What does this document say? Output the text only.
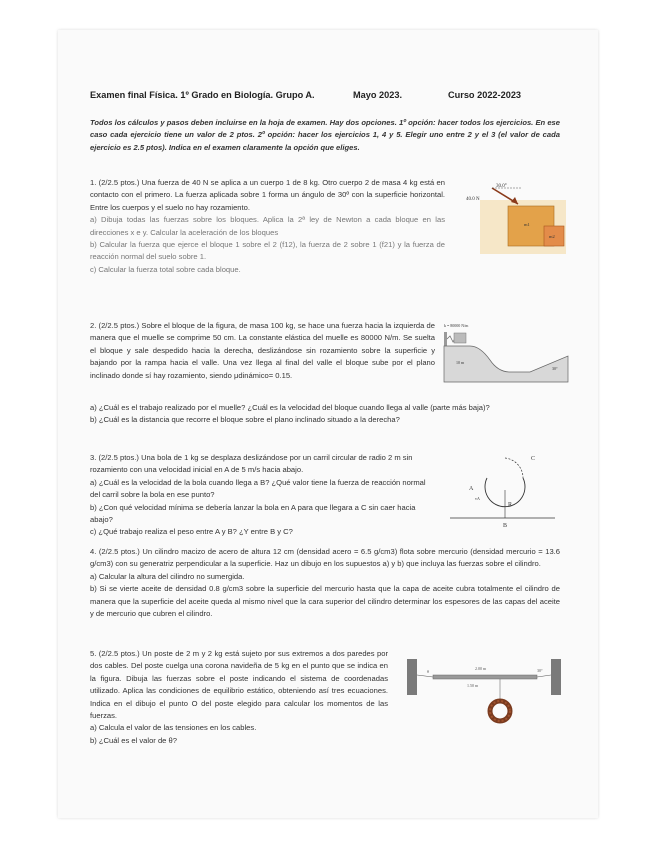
Examen final Física. 1º Grado en Biología. Grupo A.	Mayo 2023.	Curso 2022-2023
Todos los cálculos y pasos deben incluirse en la hoja de examen. Hay dos opciones. 1º opción: hacer todos los ejercicios. En ese caso cada ejercicio tiene un valor de 2 ptos. 2º opción: hacer los ejercicios 1, 4 y 5. Elegir uno entre 2 y el 3 (el valor de cada ejercicio es 2.5 ptos). Indica en el examen claramente la opción que eliges.

1. (2/2.5 ptos.) Una fuerza de 40 N se aplica a un cuerpo 1 de 8 kg. Otro cuerpo 2 de masa 4 kg está en contacto con el primero. La fuerza aplicada sobre 1 forma un ángulo de 30º con la superficie horizontal. Entre los cuerpos y el suelo no hay rozamiento.

a) Dibuja todas las fuerzas sobre los bloques. Aplica la 2ª ley de Newton a cada bloque en las direcciones x e y. Calcular la aceleración de los bloques

b) Calcular la fuerza que ejerce el bloque 1 sobre el 2 (f12), la fuerza de 2 sobre 1 (f21) y la fuerza de reacción normal del suelo sobre 1.

c) Calcular la fuerza total sobre cada bloque.

30.0°
40.0 N
m1
m2

2. (2/2.5 ptos.) Sobre el bloque de la figura, de masa 100 kg, se hace una fuerza hacia la izquierda de manera que el muelle se comprime 50 cm. La constante elástica del muelle es 80000 N/m. Se suelta el bloque y sale despedido hacia la derecha, deslizándose sin rozamiento sobre la superficie y bajando por la rampa hacia el valle. Una vez llega al final del valle el bloque sube por el plano inclinado donde sí hay rozamiento, siendo μdinámico= 0.15.

a) ¿Cuál es el trabajo realizado por el muelle? ¿Cuál es la velocidad del bloque cuando llega al valle (parte más baja)?

b) ¿Cuál es la distancia que recorre el bloque sobre el plano inclinado situado a la derecha?

k = 80000 N/m
10 m
30°

3. (2/2.5 ptos.) Una bola de 1 kg se desplaza deslizándose por un carril circular de radio 2 m sin rozamiento con una velocidad inicial en A de 5 m/s hacia abajo.

a) ¿Cuál es la velocidad de la bola cuando llega a B? ¿Qué valor tiene la fuerza de reacción normal del carril sobre la bola en ese punto?

b) ¿Con qué velocidad mínima se debería lanzar la bola en A para que llegara a C sin caer hacia abajo?

c) ¿Qué trabajo realiza el peso entre A y B? ¿Y entre B y C?

A
B
C
R
vA

4. (2/2.5 ptos.) Un cilindro macizo de acero de altura 12 cm (densidad acero = 6.5 g/cm3) flota sobre mercurio (densidad mercurio = 13.6 g/cm3) con su generatriz perpendicular a la superficie. Haz un dibujo en los supuestos a) y b) que incluya las fuerzas sobre el cilindro.

a) Calcular la altura del cilindro no sumergida.

b) Si se vierte aceite de densidad 0.8 g/cm3 sobre la superficie del mercurio hasta que la capa de aceite cubra totalmente el cilindro de manera que la superficie del aceite queda al mismo nivel que la cara superior del cilindro determinar los espesores de las capas del aceite y de mercurio que cubren el cilindro.

5. (2/2.5 ptos.) Un poste de 2 m y 2 kg está sujeto por sus extremos a dos paredes por dos cables. Del poste cuelga una corona navideña de 5 kg en el punto que se indica en la figura. Dibuja las fuerzas sobre el poste indicando el sistema de coordenadas utilizado. Aplica las condiciones de equilibrio estático, obteniendo así tres ecuaciones. Indica en el dibujo el punto O del poste elegido para calcular los momentos de las fuerzas.

a) Calcula el valor de las tensiones en los cables.

b) ¿Cuál es el valor de θ?

2.00 m
1.50 m
θ	30°
